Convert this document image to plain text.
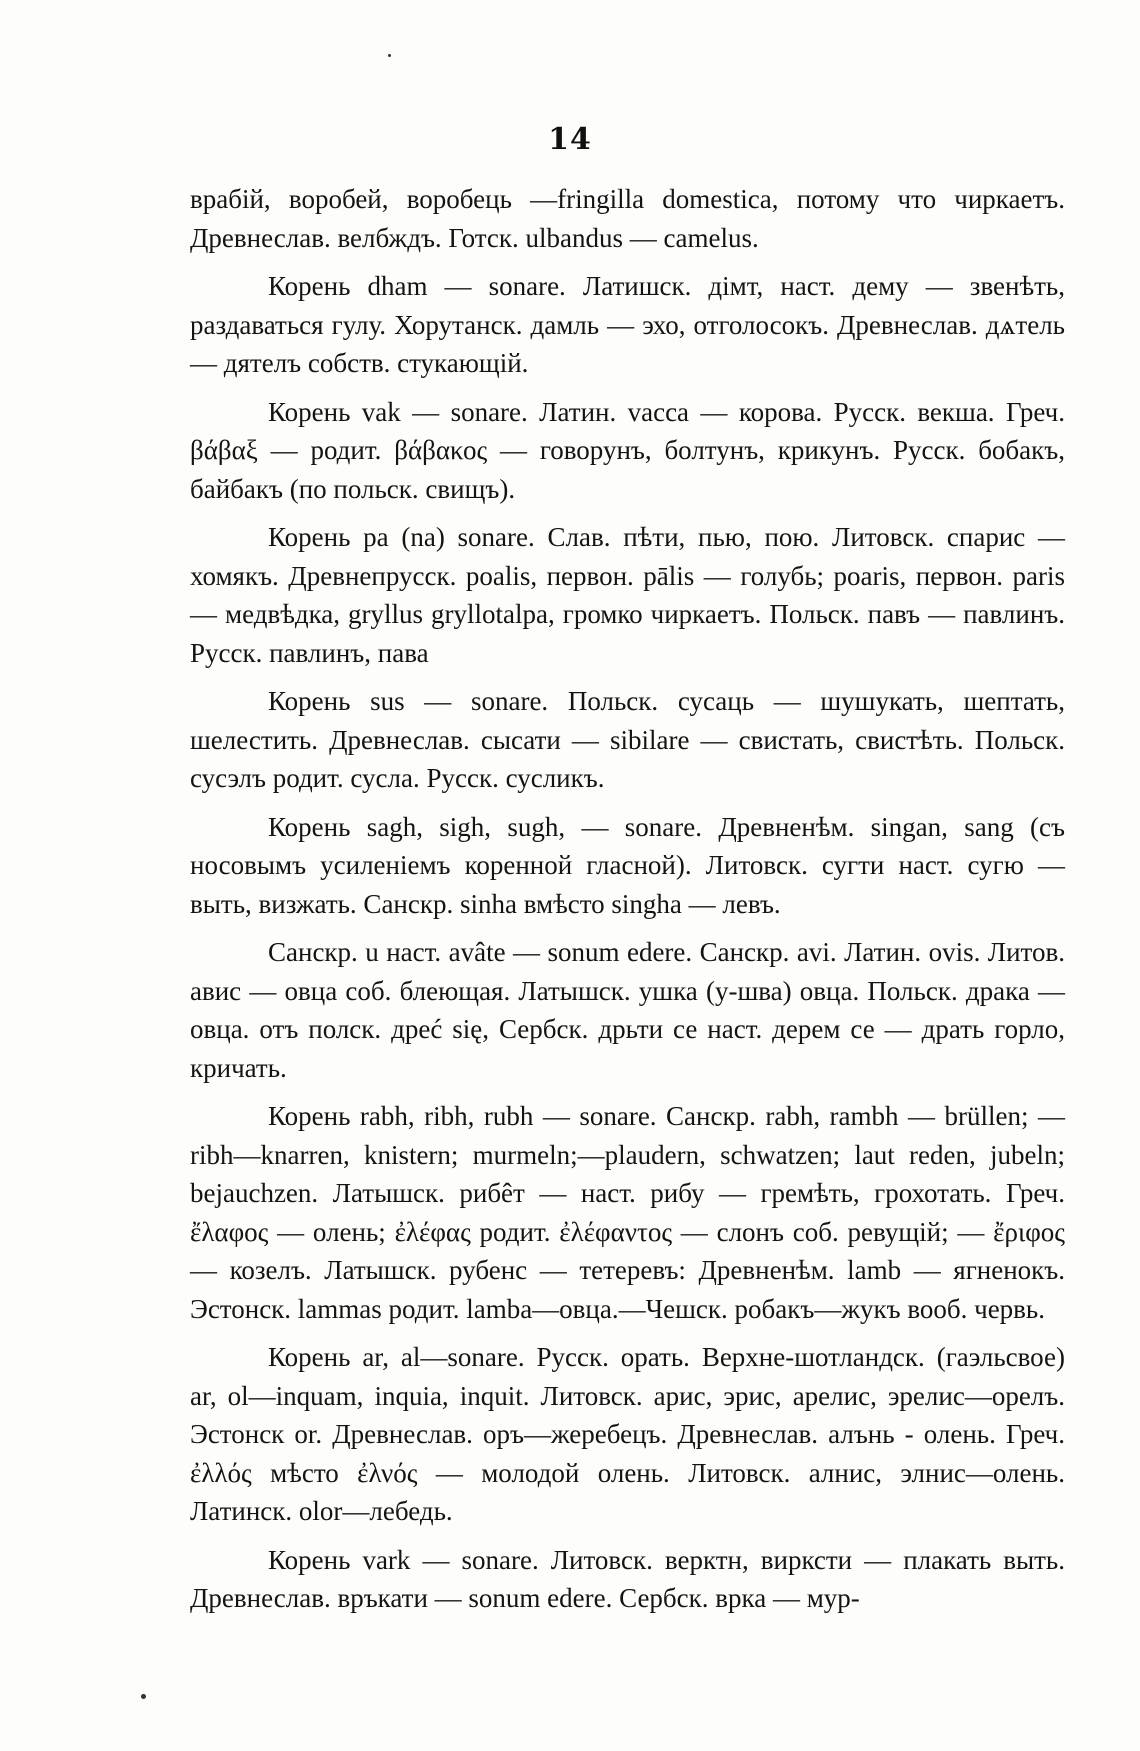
14

врабій, воробей, воробець —fringilla domestica, потому что чиркаетъ. Древнеслав. велбждъ. Готск. ulbandus — camelus.

Корень dham — sonare. Латишск. дімт, наст. дему — звенѣть, раздаваться гулу. Хорутанск. дамль — эхо, отголосокъ. Древнеслав. дѧтель — дятелъ собств. стукающій.

Корень vak — sonare. Латин. vacca — корова. Русск. векша. Греч. βάβαξ — родит. βάβακος — говорунъ, болтунъ, крикунъ. Русск. бобакъ, байбакъ (по польск. свищъ).

Корень pa (na) sonare. Слав. пѣти, пью, пою. Литовск. спарис — хомякъ. Древнепрусск. poalis, первон. pālis — голубь; poaris, первон. paris — медвѣдка, gryllus gryllotalpa, громко чиркаетъ. Польск. павъ — павлинъ. Русск. павлинъ, пава

Корень sus — sonare. Польск. сусаць — шушукать, шептать, шелестить. Древнеслав. сысати — sibilare — свистать, свистѣть. Польск. сусэлъ родит. сусла. Русск. сусликъ.

Корень sagh, sigh, sugh, — sonare. Древненѣм. singan, sang (съ носовымъ усиленіемъ коренной гласной). Литовск. сугти наст. сугю — выть, визжать. Санскр. sinha вмѣсто singha — левъ.

Санскр. u наст. avâte — sonum edere. Санскр. avi. Латин. ovis. Литов. авис — овца соб. блеющая. Латышск. ушка (у-шва) овца. Польск. драка — овца. отъ полск. дреć się, Сербск. дрьти се наст. дерем се — драть горло, кричать.

Корень rabh, ribh, rubh — sonare. Санскр. rabh, rambh — brüllen; — ribh—knarren, knistern; murmeln;—plaudern, schwatzen; laut reden, jubeln; bejauchzen. Латышск. рибêт — наст. рибу — гремѣть, грохотать. Греч. ἔλαφος — олень; ἐλέφας родит. ἐλέφαντος — слонъ соб. ревущій; — ἔριφος — козелъ. Латышск. рубенс — тетеревъ: Древненѣм. lamb — ягненокъ. Эстонск. lammas родит. lamba—овца.—Чешск. робакъ—жукъ вооб. червь.

Корень ar, al—sonare. Русск. орать. Верхне-шотландск. (гаэльсвое) ar, ol—inquam, inquia, inquit. Литовск. арис, эрис, арелис, эрелис—орелъ. Эстонск or. Древнеслав. оръ—жеребецъ. Древнеслав. алънь - олень. Греч. ἐλλός мѣсто ἐλνός — молодой олень. Литовск. алнис, элнис—олень. Латинск. olor—лебедь.

Корень vark — sonare. Литовск. верктн, вирксти — плакать выть. Древнеслав. връкати — sonum edere. Сербск. врка — мур-
